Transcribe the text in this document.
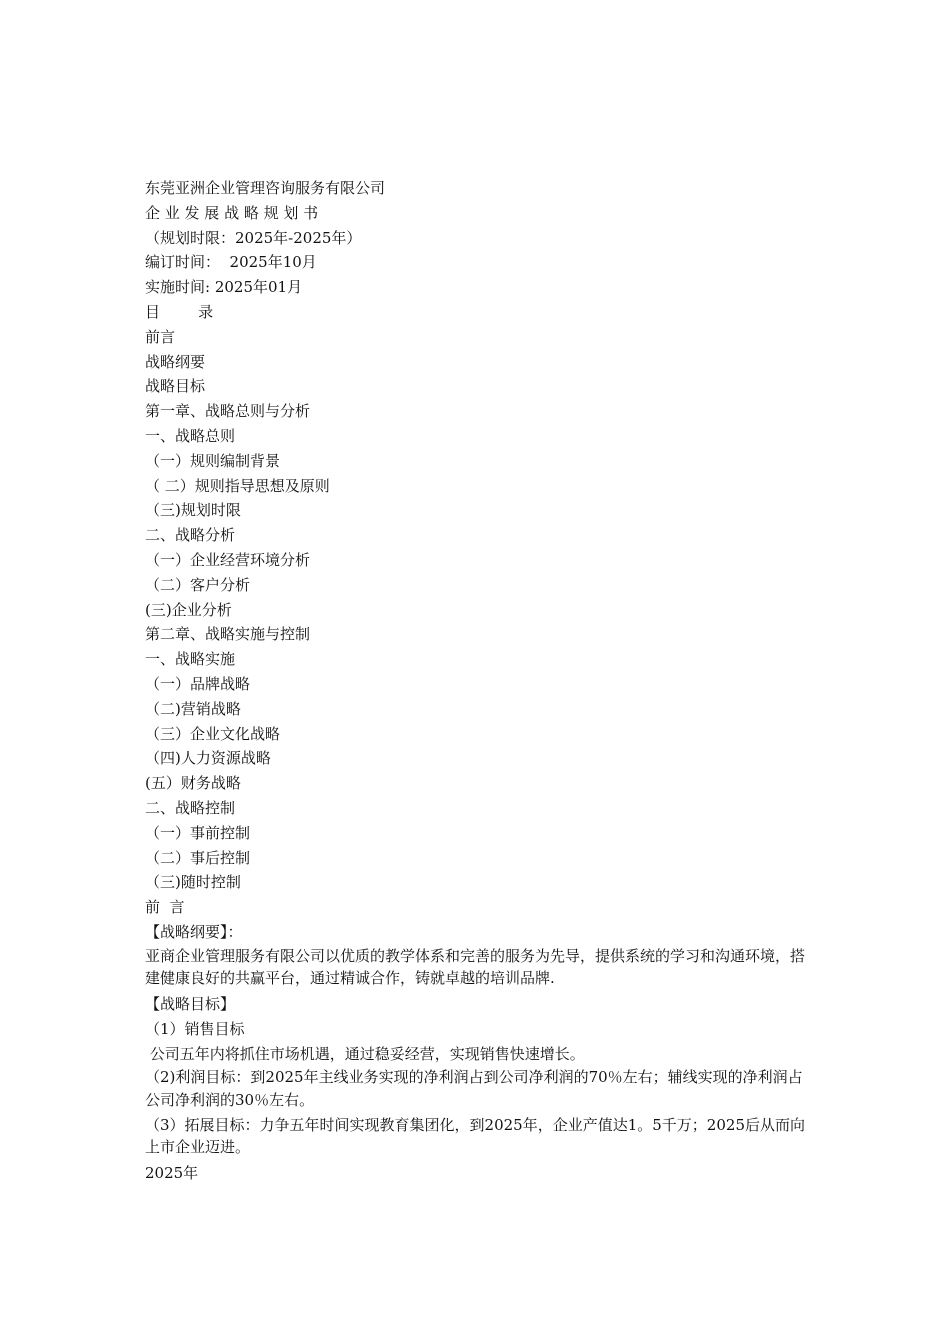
东莞亚洲企业管理咨询服务有限公司
企 业 发 展 战 略 规 划 书
（规划时限：2025年-2025年）
编订时间：  2025年10月
实施时间: 2025年01月
目        录
前言
战略纲要
战略目标
第一章、战略总则与分析
一、战略总则
（一）规则编制背景
（ 二）规则指导思想及原则
（三)规划时限
二、战略分析
（一）企业经营环境分析
（二）客户分析
(三)企业分析
第二章、战略实施与控制
一、战略实施
（一）品牌战略
（二)营销战略
（三）企业文化战略
（四)人力资源战略
(五）财务战略
二、战略控制
（一）事前控制
（二）事后控制
（三)随时控制
前  言
【战略纲要】：
亚商企业管理服务有限公司以优质的教学体系和完善的服务为先导，提供系统的学习和沟通环境，搭建健康良好的共赢平台，通过精诚合作，铸就卓越的培训品牌.
【战略目标】
（1）销售目标
公司五年内将抓住市场机遇，通过稳妥经营，实现销售快速增长。
（2)利润目标：到2025年主线业务实现的净利润占到公司净利润的70％左右；辅线实现的净利润占公司净利润的30％左右。
（3）拓展目标：力争五年时间实现教育集团化，到2025年，企业产值达1。5千万；2025后从而向上市企业迈进。
2025年
